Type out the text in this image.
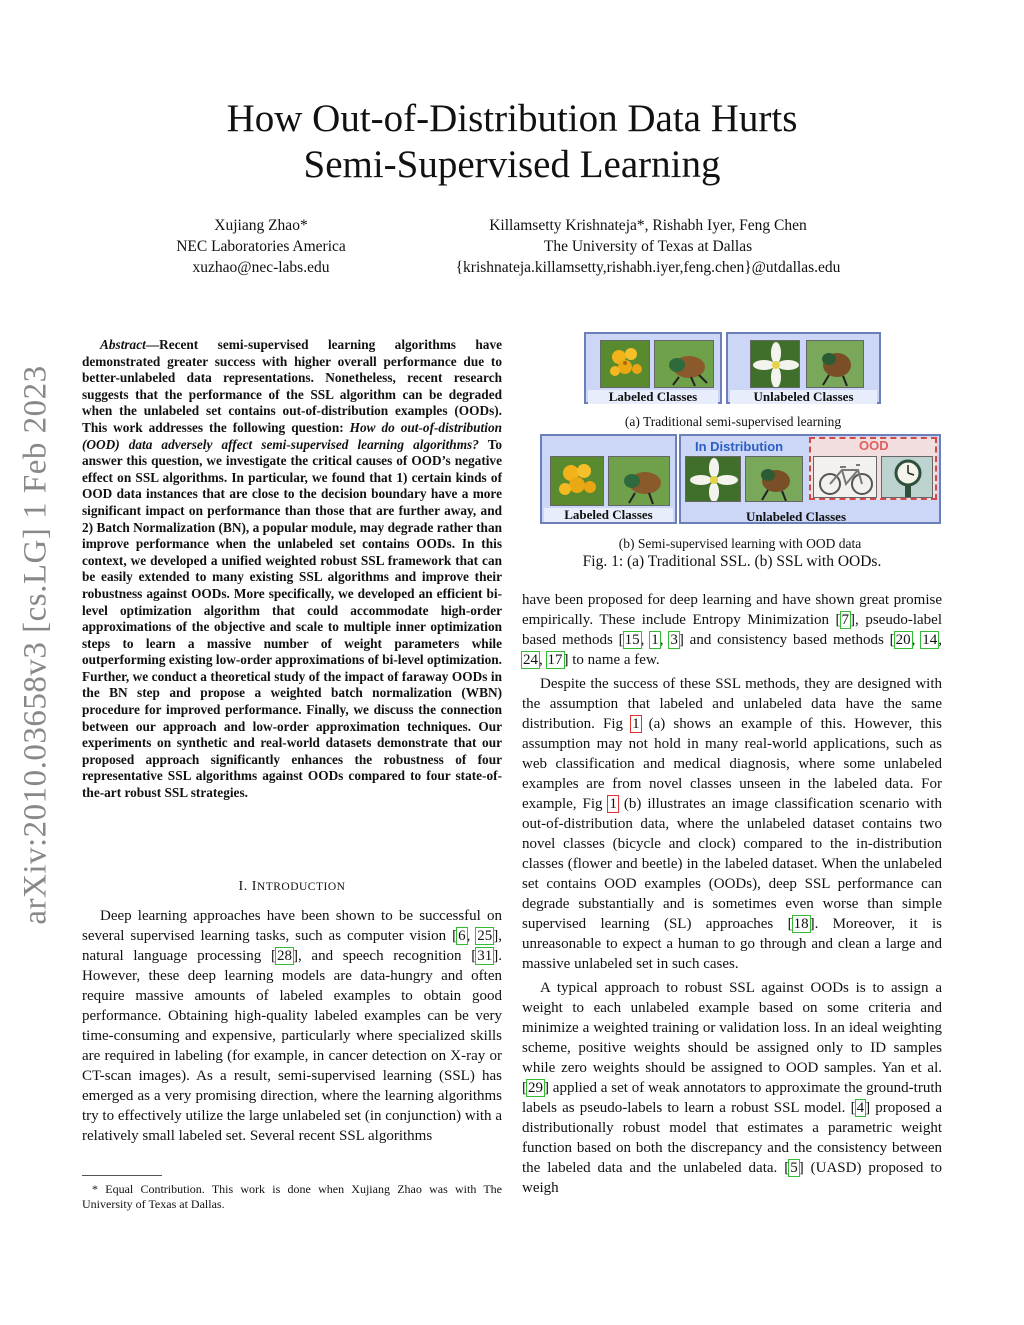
arXiv:2010.03658v3 [cs.LG] 1 Feb 2023
How Out-of-Distribution Data Hurts
Semi-Supervised Learning
Xujiang Zhao*
NEC Laboratories America
xuzhao@nec-labs.edu
Killamsetty Krishnateja*, Rishabh Iyer, Feng Chen
The University of Texas at Dallas
{krishnateja.killamsetty,rishabh.iyer,feng.chen}@utdallas.edu
Abstract—Recent semi-supervised learning algorithms have demonstrated greater success with higher overall performance due to better-unlabeled data representations. Nonetheless, recent research suggests that the performance of the SSL algorithm can be degraded when the unlabeled set contains out-of-distribution examples (OODs). This work addresses the following question: How do out-of-distribution (OOD) data adversely affect semi-supervised learning algorithms? To answer this question, we investigate the critical causes of OOD’s negative effect on SSL algorithms. In particular, we found that 1) certain kinds of OOD data instances that are close to the decision boundary have a more significant impact on performance than those that are further away, and 2) Batch Normalization (BN), a popular module, may degrade rather than improve performance when the unlabeled set contains OODs. In this context, we developed a unified weighted robust SSL framework that can be easily extended to many existing SSL algorithms and improve their robustness against OODs. More specifically, we developed an efficient bi-level optimization algorithm that could accommodate high-order approximations of the objective and scale to multiple inner optimization steps to learn a massive number of weight parameters while outperforming existing low-order approximations of bi-level optimization. Further, we conduct a theoretical study of the impact of faraway OODs in the BN step and propose a weighted batch normalization (WBN) procedure for improved performance. Finally, we discuss the connection between our approach and low-order approximation techniques. Our experiments on synthetic and real-world datasets demonstrate that our proposed approach significantly enhances the robustness of four representative SSL algorithms against OODs compared to four state-of-the-art robust SSL strategies.
I. INTRODUCTION

Deep learning approaches have been shown to be successful on several supervised learning tasks, such as computer vision [6, 25], natural language processing [28], and speech recognition [31]. However, these deep learning models are data-hungry and often require massive amounts of labeled examples to obtain good performance. Obtaining high-quality labeled examples can be very time-consuming and expensive, particularly where specialized skills are required in labeling (for example, in cancer detection on X-ray or CT-scan images). As a result, semi-supervised learning (SSL) has emerged as a very promising direction, where the learning algorithms try to effectively utilize the large unlabeled set (in conjunction) with a relatively small labeled set. Several recent SSL algorithms

* Equal Contribution. This work is done when Xujiang Zhao was with The University of Texas at Dallas.
Labeled Classes	Unlabeled Classes
(a) Traditional semi-supervised learning
Labeled Classes
In Distribution	OOD
Unlabeled Classes
(b) Semi-supervised learning with OOD data
Fig. 1: (a) Traditional SSL. (b) SSL with OODs.

have been proposed for deep learning and have shown great promise empirically. These include Entropy Minimization [7], pseudo-label based methods [15, 1, 3] and consistency based methods [20, 14, 24, 17] to name a few.

Despite the success of these SSL methods, they are designed with the assumption that labeled and unlabeled data have the same distribution. Fig 1 (a) shows an example of this. However, this assumption may not hold in many real-world applications, such as web classification and medical diagnosis, where some unlabeled examples are from novel classes unseen in the labeled data. For example, Fig 1 (b) illustrates an image classification scenario with out-of-distribution data, where the unlabeled dataset contains two novel classes (bicycle and clock) compared to the in-distribution classes (flower and beetle) in the labeled dataset. When the unlabeled set contains OOD examples (OODs), deep SSL performance can degrade substantially and is sometimes even worse than simple supervised learning (SL) approaches [18]. Moreover, it is unreasonable to expect a human to go through and clean a large and massive unlabeled set in such cases.

A typical approach to robust SSL against OODs is to assign a weight to each unlabeled example based on some criteria and minimize a weighted training or validation loss. In an ideal weighting scheme, positive weights should be assigned only to ID samples while zero weights should be assigned to OOD samples. Yan et al. [29] applied a set of weak annotators to approximate the ground-truth labels as pseudo-labels to learn a robust SSL model. [4] proposed a distributionally robust model that estimates a parametric weight function based on both the discrepancy and the consistency between the labeled data and the unlabeled data. [5] (UASD) proposed to weigh
